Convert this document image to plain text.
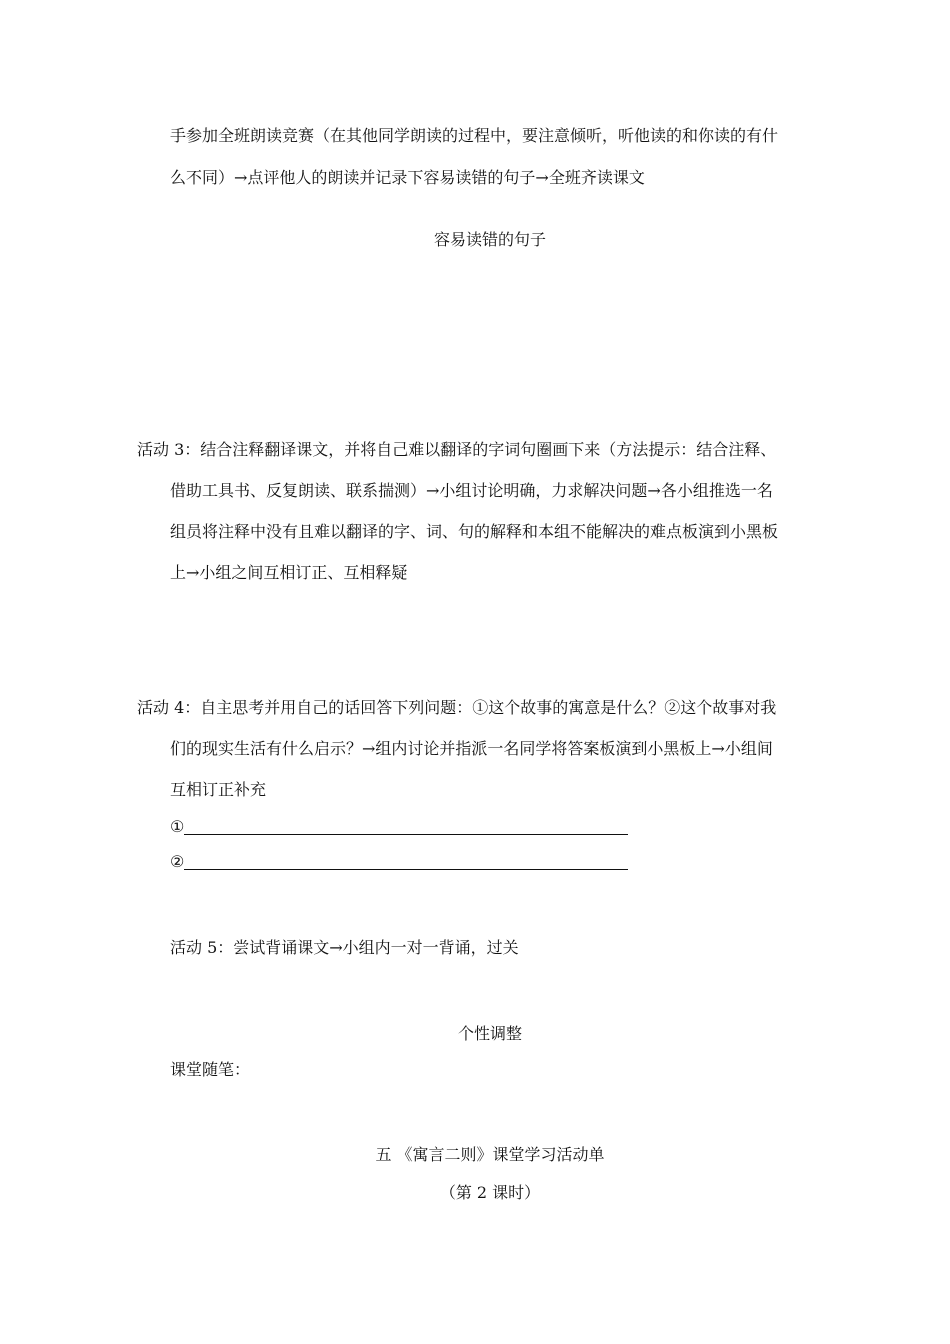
手参加全班朗读竞赛（在其他同学朗读的过程中，要注意倾听，听他读的和你读的有什
么不同）→点评他人的朗读并记录下容易读错的句子→全班齐读课文
容易读错的句子
活动 3：结合注释翻译课文，并将自己难以翻译的字词句圈画下来（方法提示：结合注释、
借助工具书、反复朗读、联系揣测）→小组讨论明确，力求解决问题→各小组推选一名
组员将注释中没有且难以翻译的字、词、句的解释和本组不能解决的难点板演到小黑板
上→小组之间互相订正、互相释疑
活动 4：自主思考并用自己的话回答下列问题：①这个故事的寓意是什么？②这个故事对我
们的现实生活有什么启示？→组内讨论并指派一名同学将答案板演到小黑板上→小组间
互相订正补充
①
②
活动 5：尝试背诵课文→小组内一对一背诵，过关
个性调整
课堂随笔：
五 《寓言二则》课堂学习活动单
（第 2 课时）
